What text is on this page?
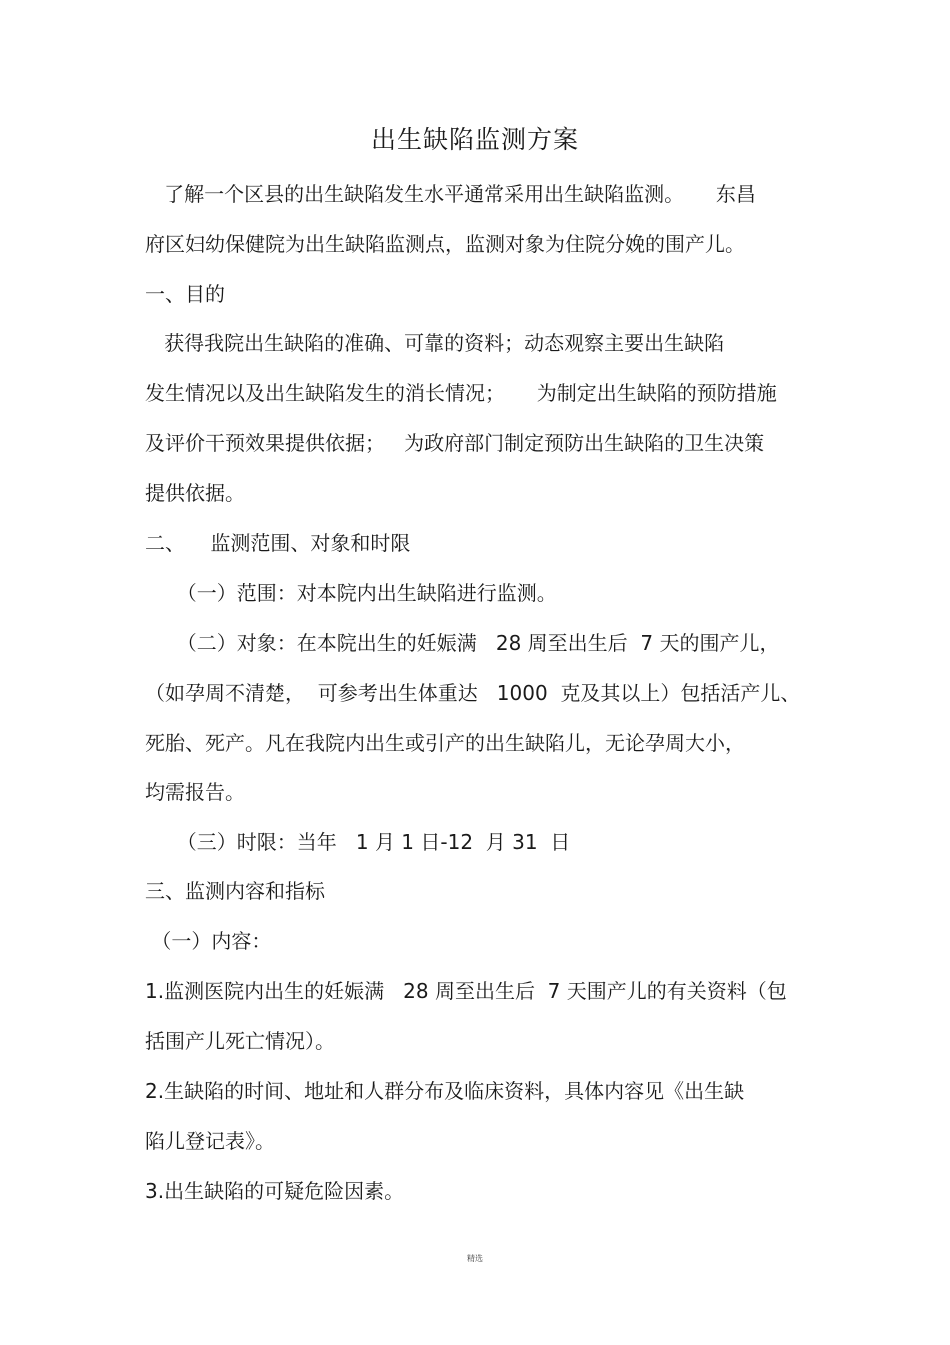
出生缺陷监测方案
了解一个区县的出生缺陷发生水平通常采用出生缺陷监测。     东昌
府区妇幼保健院为出生缺陷监测点，监测对象为住院分娩的围产儿。
一、目的
获得我院出生缺陷的准确、可靠的资料；动态观察主要出生缺陷
发生情况以及出生缺陷发生的消长情况；     为制定出生缺陷的预防措施
及评价干预效果提供依据；   为政府部门制定预防出生缺陷的卫生决策
提供依据。
二、    监测范围、对象和时限
（一）范围：对本院内出生缺陷进行监测。
（二）对象：在本院出生的妊娠满   28 周至出生后  7 天的围产儿，
（如孕周不清楚，  可参考出生体重达   1000  克及其以上）包括活产儿、
死胎、死产。凡在我院内出生或引产的出生缺陷儿，无论孕周大小，
均需报告。
（三）时限：当年   1 月 1 日-12  月 31  日
三、监测内容和指标
（一）内容：
1.监测医院内出生的妊娠满   28 周至出生后  7 天围产儿的有关资料（包
括围产儿死亡情况）。
2.生缺陷的时间、地址和人群分布及临床资料，具体内容见《出生缺
陷儿登记表》。
3.出生缺陷的可疑危险因素。
精选
